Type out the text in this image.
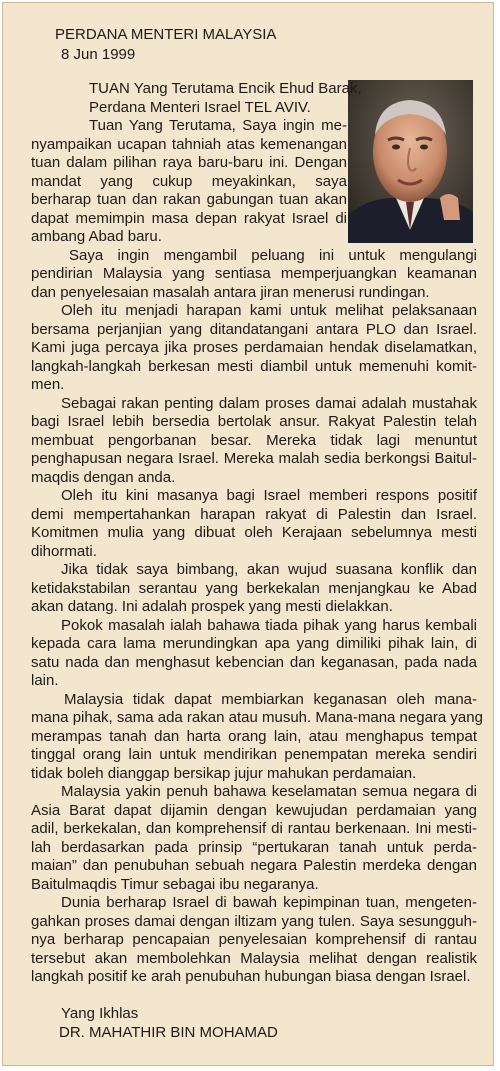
PERDANA MENTERI MALAYSIA
8 Jun 1999
TUAN Yang Terutama Encik Ehud Barak,
Perdana Menteri Israel TEL AVIV.
Tuan Yang Terutama, Saya ingin me-
nyampaikan ucapan tahniah atas kemenangan
tuan dalam pilihan raya baru-baru ini. Dengan
mandat yang cukup meyakinkan, saya
berharap tuan dan rakan gabungan tuan akan
dapat memimpin masa depan rakyat Israel di
ambang Abad baru.
Saya ingin mengambil peluang ini untuk mengulangi
pendirian Malaysia yang sentiasa memperjuangkan keamanan
dan penyelesaian masalah antara jiran menerusi rundingan.
Oleh itu menjadi harapan kami untuk melihat pelaksanaan
bersama perjanjian yang ditandatangani antara PLO dan Israel.
Kami juga percaya jika proses perdamaian hendak diselamatkan,
langkah-langkah berkesan mesti diambil untuk memenuhi komit-
men.
Sebagai rakan penting dalam proses damai adalah mustahak
bagi Israel lebih bersedia bertolak ansur. Rakyat Palestin telah
membuat pengorbanan besar. Mereka tidak lagi menuntut
penghapusan negara Israel. Mereka malah sedia berkongsi Baitul-
maqdis dengan anda.
Oleh itu kini masanya bagi Israel memberi respons positif
demi mempertahankan harapan rakyat di Palestin dan Israel.
Komitmen mulia yang dibuat oleh Kerajaan sebelumnya mesti
dihormati.
Jika tidak saya bimbang, akan wujud suasana konflik dan
ketidakstabilan serantau yang berkekalan menjangkau ke Abad
akan datang. Ini adalah prospek yang mesti dielakkan.
Pokok masalah ialah bahawa tiada pihak yang harus kembali
kepada cara lama merundingkan apa yang dimiliki pihak lain, di
satu nada dan menghasut kebencian dan keganasan, pada nada
lain.
Malaysia tidak dapat membiarkan keganasan oleh mana-
mana pihak, sama ada rakan atau musuh. Mana-mana negara yang
merampas tanah dan harta orang lain, atau menghapus tempat
tinggal orang lain untuk mendirikan penempatan mereka sendiri
tidak boleh dianggap bersikap jujur mahukan perdamaian.
Malaysia yakin penuh bahawa keselamatan semua negara di
Asia Barat dapat dijamin dengan kewujudan perdamaian yang
adil, berkekalan, dan komprehensif di rantau berkenaan. Ini mesti-
lah berdasarkan pada prinsip “pertukaran tanah untuk perda-
maian” dan penubuhan sebuah negara Palestin merdeka dengan
Baitulmaqdis Timur sebagai ibu negaranya.
Dunia berharap Israel di bawah kepimpinan tuan, mengeten-
gahkan proses damai dengan iltizam yang tulen. Saya sesungguh-
nya berharap pencapaian penyelesaian komprehensif di rantau
tersebut akan membolehkan Malaysia melihat dengan realistik
langkah positif ke arah penubuhan hubungan biasa dengan Israel.
Yang Ikhlas
DR. MAHATHIR BIN MOHAMAD
